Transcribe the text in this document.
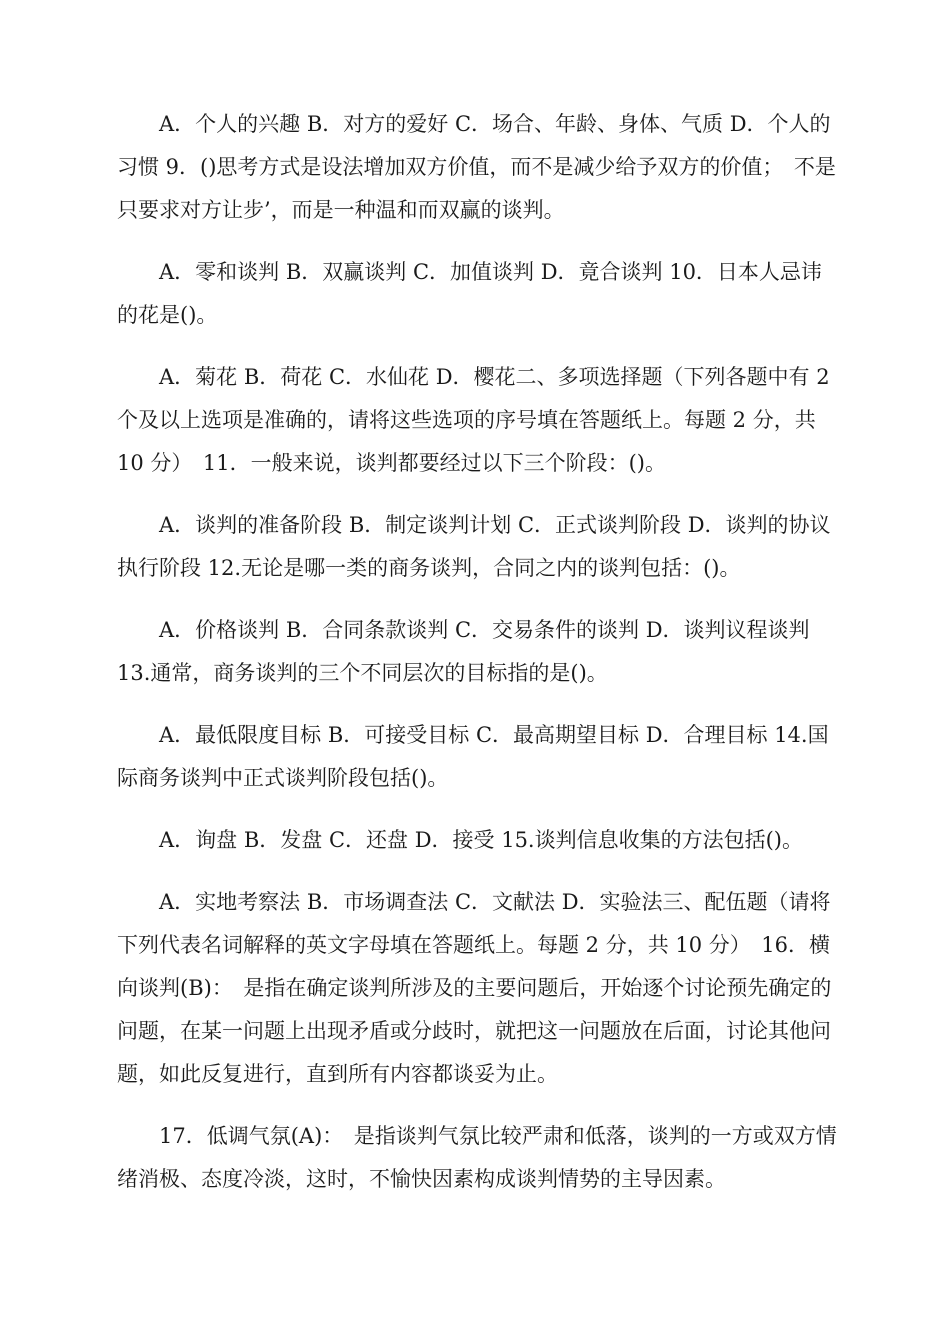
A．个人的兴趣 B．对方的爱好 C．场合、年龄、身体、气质 D．个人的习惯 9．()思考方式是设法增加双方价值，而不是减少给予双方的价值；　不是只要求对方让步’，而是一种温和而双赢的谈判。

A．零和谈判 B．双赢谈判 C．加值谈判 D．竟合谈判 10．日本人忌讳的花是()。

A．菊花 B．荷花 C．水仙花 D．樱花二、多项选择题（下列各题中有 2 个及以上选项是准确的，请将这些选项的序号填在答题纸上。每题 2 分，共 10 分）　11．一般来说，谈判都要经过以下三个阶段：()。

A．谈判的准备阶段 B．制定谈判计划 C．正式谈判阶段 D．谈判的协议执行阶段 12.无论是哪一类的商务谈判，合同之内的谈判包括：()。

A．价格谈判 B．合同条款谈判 C．交易条件的谈判 D．谈判议程谈判 13.通常，商务谈判的三个不同层次的目标指的是()。

A．最低限度目标 B．可接受目标 C．最高期望目标 D．合理目标 14.国际商务谈判中正式谈判阶段包括()。

A．询盘 B．发盘 C．还盘 D．接受 15.谈判信息收集的方法包括()。

A．实地考察法 B．市场调查法 C．文献法 D．实验法三、配伍题（请将下列代表名词解释的英文字母填在答题纸上。每题 2 分，共 10 分）　16．横向谈判(B)：　是指在确定谈判所涉及的主要问题后，开始逐个讨论预先确定的问题，在某一问题上出现矛盾或分歧时，就把这一问题放在后面，讨论其他问题，如此反复进行，直到所有内容都谈妥为止。

17．低调气氛(A)：　是指谈判气氛比较严肃和低落，谈判的一方或双方情绪消极、态度冷淡，这时，不愉快因素构成谈判情势的主导因素。
